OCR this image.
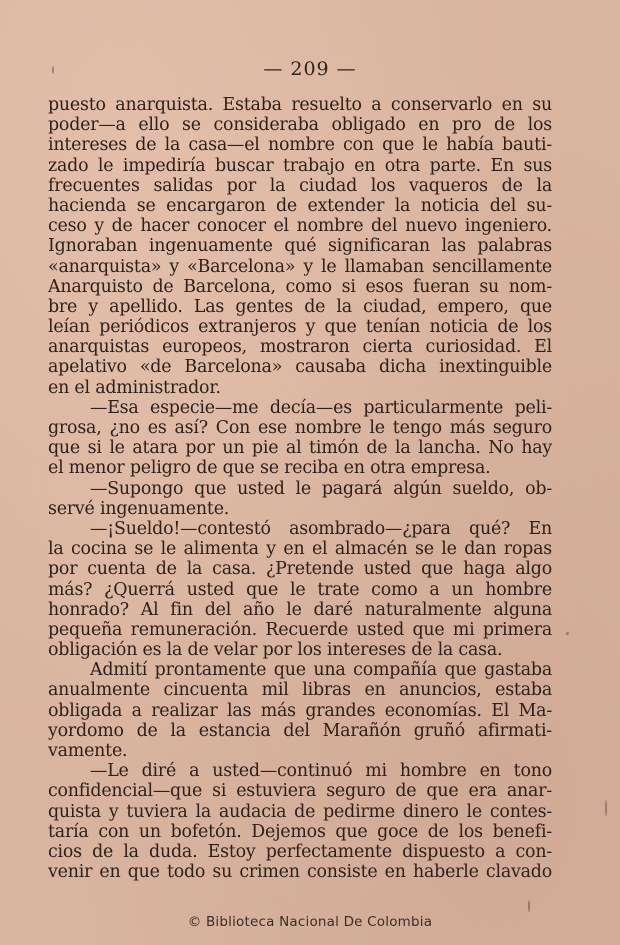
— 209 —
puesto anarquista. Estaba resuelto a conservarlo en su
poder—a ello se consideraba obligado en pro de los
intereses de la casa—el nombre con que le había bauti-
zado le impediría buscar trabajo en otra parte. En sus
frecuentes salidas por la ciudad los vaqueros de la
hacienda se encargaron de extender la noticia del su-
ceso y de hacer conocer el nombre del nuevo ingeniero.
Ignoraban ingenuamente qué significaran las palabras
«anarquista» y «Barcelona» y le llamaban sencillamente
Anarquisto de Barcelona, como si esos fueran su nom-
bre y apellido. Las gentes de la ciudad, empero, que
leían periódicos extranjeros y que tenían noticia de los
anarquistas europeos, mostraron cierta curiosidad. El
apelativo «de Barcelona» causaba dicha inextinguible
en el administrador.
—Esa especie—me decía—es particularmente peli-
grosa, ¿no es así? Con ese nombre le tengo más seguro
que si le atara por un pie al timón de la lancha. No hay
el menor peligro de que se reciba en otra empresa.
—Supongo que usted le pagará algún sueldo, ob-
servé ingenuamente.
—¡Sueldo!—contestó asombrado—¿para qué? En
la cocina se le alimenta y en el almacén se le dan ropas
por cuenta de la casa. ¿Pretende usted que haga algo
más? ¿Querrá usted que le trate como a un hombre
honrado? Al fin del año le daré naturalmente alguna
pequeña remuneración. Recuerde usted que mi primera
obligación es la de velar por los intereses de la casa.
Admití prontamente que una compañía que gastaba
anualmente cincuenta mil libras en anuncios, estaba
obligada a realizar las más grandes economías. El Ma-
yordomo de la estancia del Marañón gruñó afirmati-
vamente.
—Le diré a usted—continuó mi hombre en tono
confidencial—que si estuviera seguro de que era anar-
quista y tuviera la audacia de pedirme dinero le contes-
taría con un bofetón. Dejemos que goce de los benefi-
cios de la duda. Estoy perfectamente dispuesto a con-
venir en que todo su crimen consiste en haberle clavado
© Biblioteca Nacional De Colombia
